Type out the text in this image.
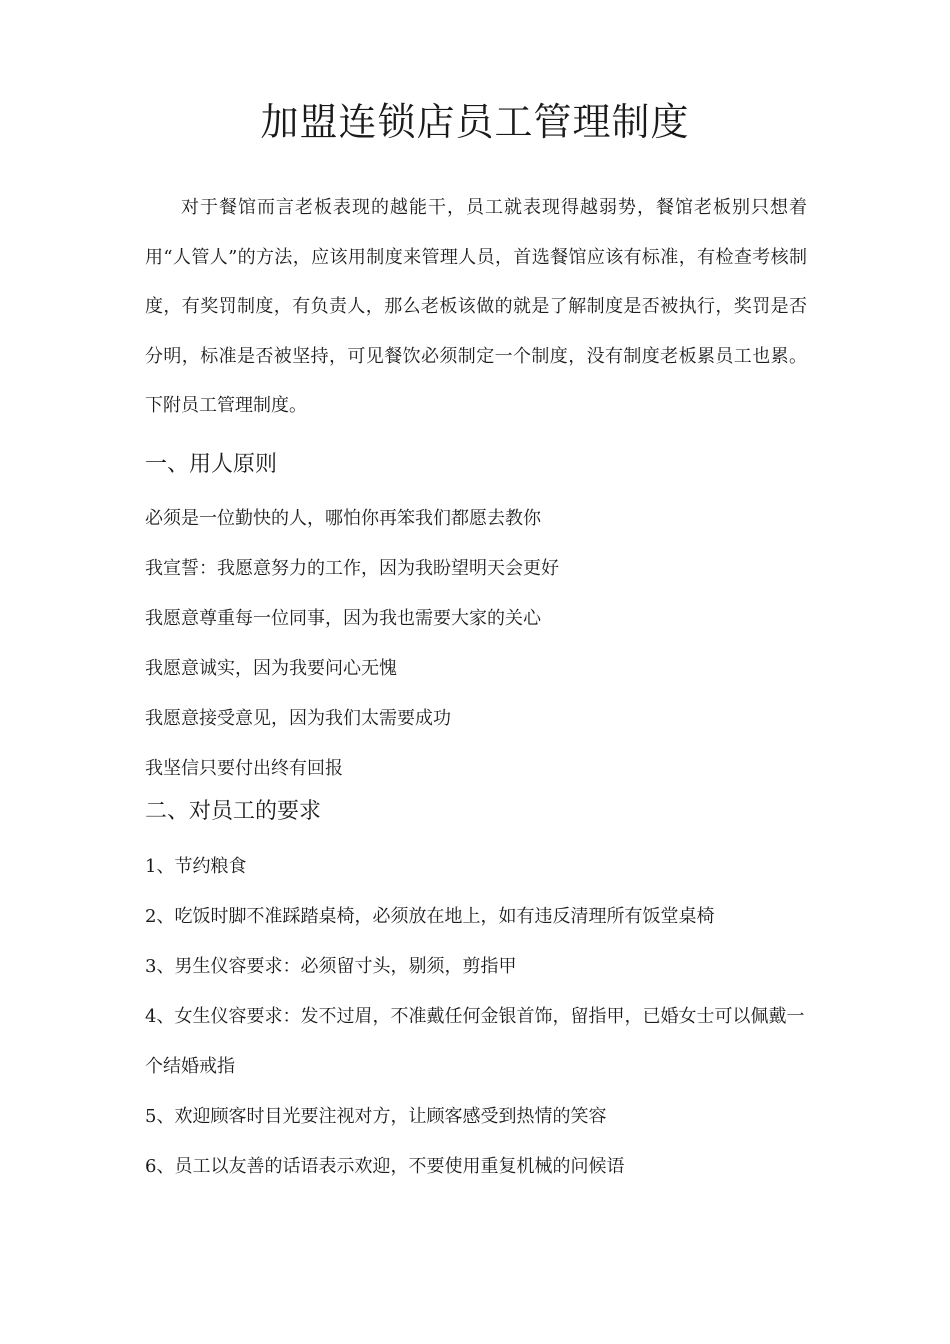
加盟连锁店员工管理制度

对于餐馆而言老板表现的越能干，员工就表现得越弱势，餐馆老板别只想着用“人管人”的方法，应该用制度来管理人员，首选餐馆应该有标准，有检查考核制度，有奖罚制度，有负责人，那么老板该做的就是了解制度是否被执行，奖罚是否分明，标准是否被坚持，可见餐饮必须制定一个制度，没有制度老板累员工也累。下附员工管理制度。

一、用人原则
必须是一位勤快的人，哪怕你再笨我们都愿去教你
我宣誓：我愿意努力的工作，因为我盼望明天会更好
我愿意尊重每一位同事，因为我也需要大家的关心
我愿意诚实，因为我要问心无愧
我愿意接受意见，因为我们太需要成功
我坚信只要付出终有回报
二、对员工的要求
1、节约粮食
2、吃饭时脚不准踩踏桌椅，必须放在地上，如有违反清理所有饭堂桌椅
3、男生仪容要求：必须留寸头，剔须，剪指甲
4、女生仪容要求：发不过眉，不准戴任何金银首饰，留指甲，已婚女士可以佩戴一个结婚戒指
5、欢迎顾客时目光要注视对方，让顾客感受到热情的笑容
6、员工以友善的话语表示欢迎，不要使用重复机械的问候语
